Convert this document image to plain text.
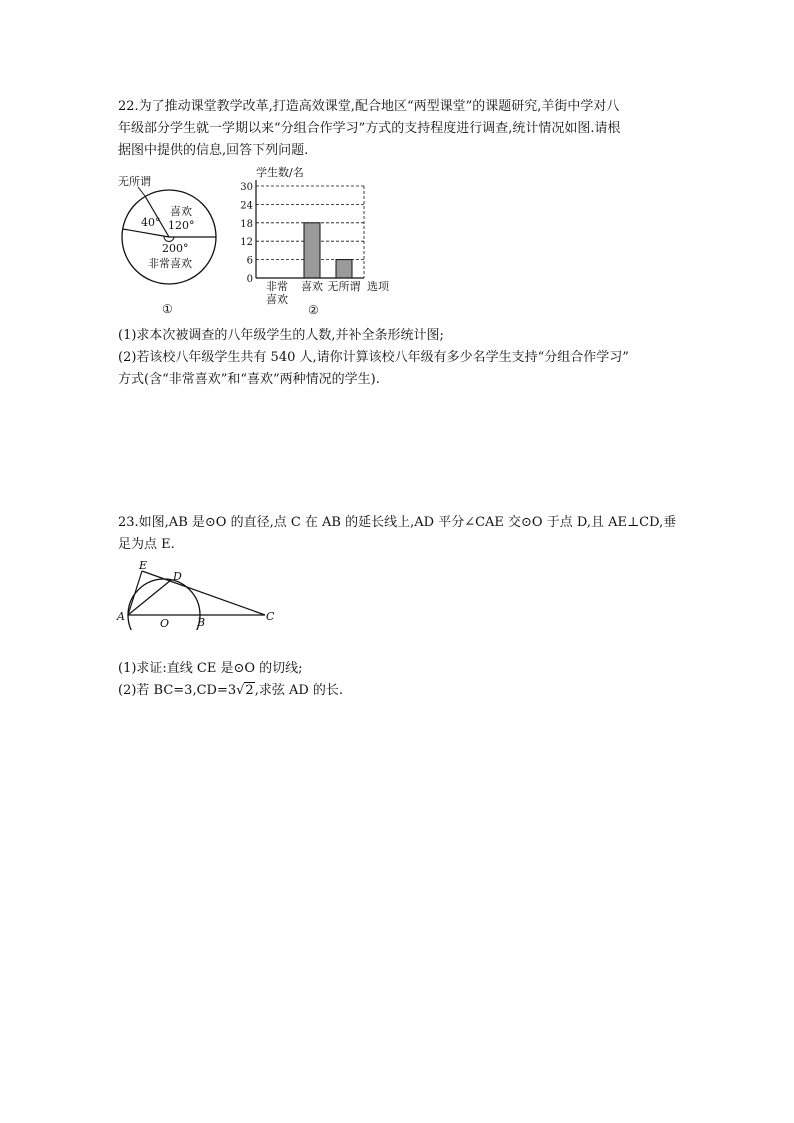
22.为了推动课堂教学改革,打造高效课堂,配合地区“两型课堂”的课题研究,羊街中学对八
年级部分学生就一学期以来“分组合作学习”方式的支持程度进行调查,统计情况如图.请根
据图中提供的信息,回答下列问题.
无所谓
喜欢
120°
40°
200°
非常喜欢
①
学生数/名
0
6
12
18
24
30
非常
喜欢
喜欢 无所谓 选项
②
(1)求本次被调查的八年级学生的人数,并补全条形统计图;
(2)若该校八年级学生共有 540 人,请你计算该校八年级有多少名学生支持“分组合作学习”
方式(含“非常喜欢”和“喜欢”两种情况的学生).
23.如图,AB 是⊙O 的直径,点 C 在 AB 的延长线上,AD 平分∠CAE 交⊙O 于点 D,且 AE⊥CD,垂
足为点 E.
E
D
A
O	B	C
(1)求证:直线 CE 是⊙O 的切线;
(2)若 BC=3,CD=3√2,求弦 AD 的长.
